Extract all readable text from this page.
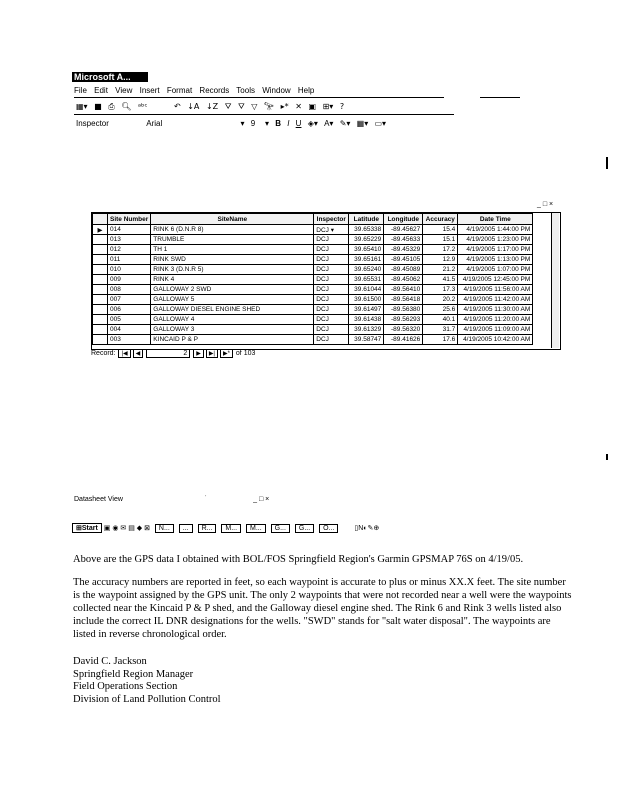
Microsoft A...
File Edit View Insert Format Records Tools Window Help
▦▾ ■ ⎙ 🔍︎ ᵃᵇᶜ	↶ ↓A ↓Z ⛛ ⛛ ▽ 🔭︎ ▸* ✕ ▣ ⊞▾ ?
Inspector	Arial	▾ 9 ▾ B I U ◈▾ A▾ ✎▾ ▦▾ ▭▾
_ □ ×
	Site Number	SiteName	Inspector	Latitude	Longitude	Accuracy	Date Time
▶	014	RINK 6 (D.N.R 8)	DCJ ▾	39.65338	-89.45627	15.4	4/19/2005 1:44:00 PM
	013	TRUMBLE	DCJ	39.65229	-89.45633	15.1	4/19/2005 1:23:00 PM
	012	TH 1	DCJ	39.65410	-89.45329	17.2	4/19/2005 1:17:00 PM
	011	RINK SWD	DCJ	39.65161	-89.45105	12.9	4/19/2005 1:13:00 PM
	010	RINK 3 (D.N.R 5)	DCJ	39.65240	-89.45089	21.2	4/19/2005 1:07:00 PM
	009	RINK 4	DCJ	39.65531	-89.45062	41.5	4/19/2005 12:45:00 PM
	008	GALLOWAY 2 SWD	DCJ	39.61044	-89.56410	17.3	4/19/2005 11:56:00 AM
	007	GALLOWAY 5	DCJ	39.61500	-89.56418	20.2	4/19/2005 11:42:00 AM
	006	GALLOWAY DIESEL ENGINE SHED	DCJ	39.61497	-89.56380	25.6	4/19/2005 11:30:00 AM
	005	GALLOWAY 4	DCJ	39.61438	-89.56293	40.1	4/19/2005 11:20:00 AM
	004	GALLOWAY 3	DCJ	39.61329	-89.56320	31.7	4/19/2005 11:09:00 AM
	003	KINCAID P & P	DCJ	39.58747	-89.41626	17.6	4/19/2005 10:42:00 AM
Record: |◀ ◀	2 ▶ ▶| ▶* of 103
Datasheet View	˙	_ □ ×
⊞Start ▣ ◉ ✉ ▤ ◆ ⊠ N... ... R... M... M... G... G... O...	▯N◐✎⊕
Above are the GPS data I obtained with BOL/FOS Springfield Region's Garmin GPSMAP 76S on 4/19/05.
The accuracy numbers are reported in feet, so each waypoint is accurate to plus or minus XX.X feet. The site number is the waypoint assigned by the GPS unit. The only 2 waypoints that were not recorded near a well were the waypoints collected near the Kincaid P & P shed, and the Galloway diesel engine shed. The Rink 6 and Rink 3 wells listed also include the correct IL DNR designations for the wells. "SWD" stands for "salt water disposal". The waypoints are listed in reverse chronological order.
David C. Jackson
Springfield Region Manager
Field Operations Section
Division of Land Pollution Control
